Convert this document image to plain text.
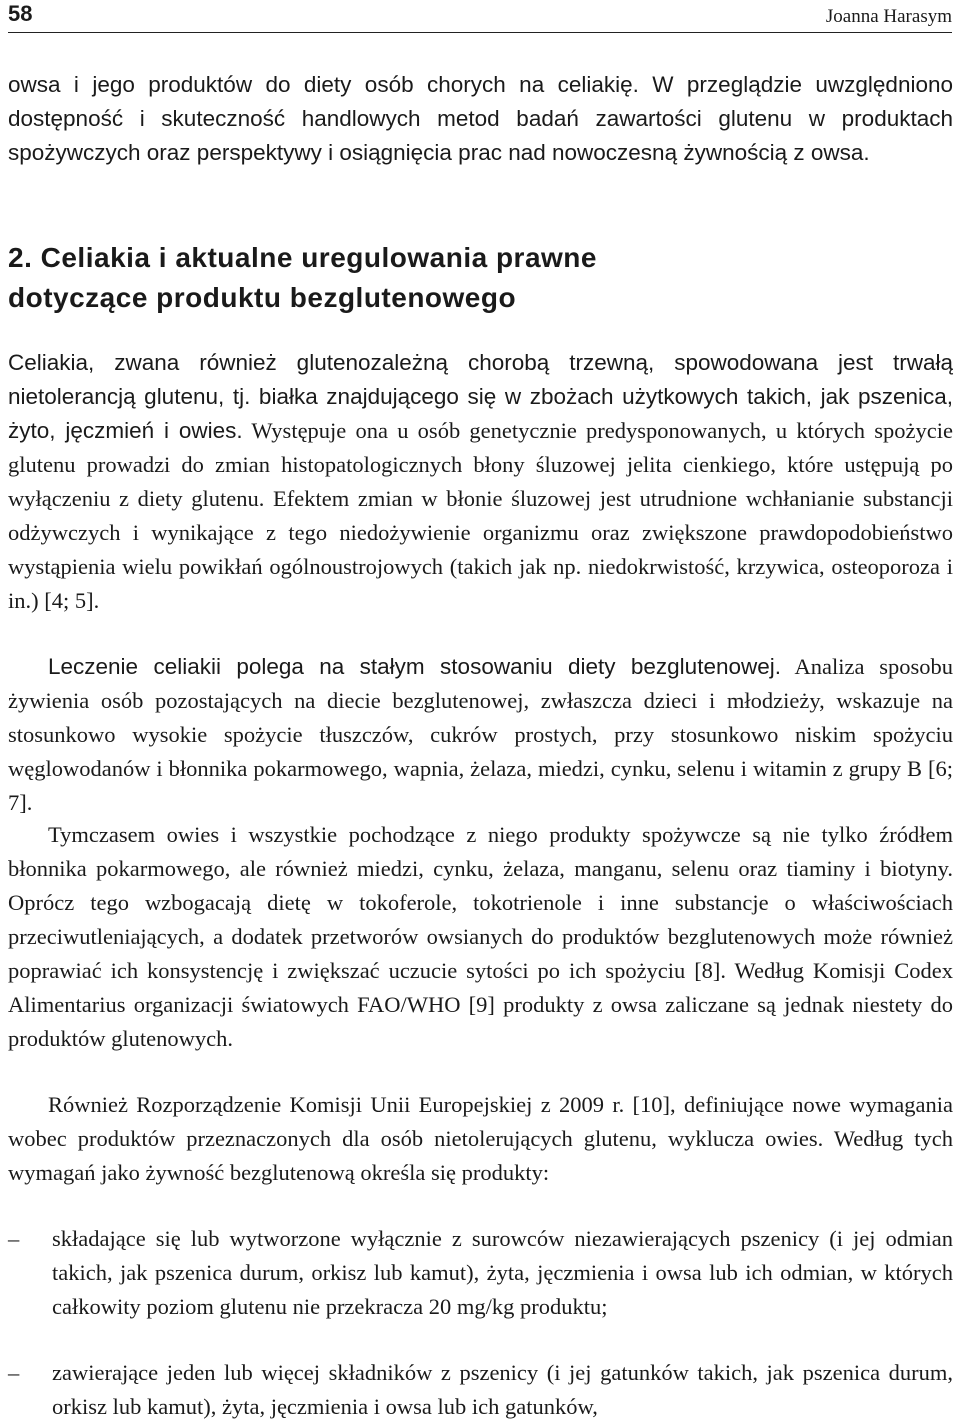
58	Joanna Harasym

owsa i jego produktów do diety osób chorych na celiakię. W przeglądzie uwzględniono dostępność i skuteczność handlowych metod badań zawartości glutenu w produktach spożywczych oraz perspektywy i osiągnięcia prac nad nowoczesną żywnością z owsa.

2. Celiakia i aktualne uregulowania prawne
dotyczące produktu bezglutenowego

Celiakia, zwana również glutenozależną chorobą trzewną, spowodowana jest trwałą nietolerancją glutenu, tj. białka znajdującego się w zbożach użytkowych takich, jak pszenica, żyto, jęczmień i owies. Występuje ona u osób genetycznie predysponowanych, u których spożycie glutenu prowadzi do zmian histopatologicznych błony śluzowej jelita cienkiego, które ustępują po wyłączeniu z diety glutenu. Efektem zmian w błonie śluzowej jest utrudnione wchłanianie substancji odżywczych i wynikające z tego niedożywienie organizmu oraz zwiększone prawdopodobieństwo wystąpienia wielu powikłań ogólnoustrojowych (takich jak np. niedokrwistość, krzywica, osteoporoza i in.) [4; 5].

Leczenie celiakii polega na stałym stosowaniu diety bezglutenowej. Analiza sposobu żywienia osób pozostających na diecie bezglutenowej, zwłaszcza dzieci i młodzieży, wskazuje na stosunkowo wysokie spożycie tłuszczów, cukrów prostych, przy stosunkowo niskim spożyciu węglowodanów i błonnika pokarmowego, wapnia, żelaza, miedzi, cynku, selenu i witamin z grupy B [6; 7].

Tymczasem owies i wszystkie pochodzące z niego produkty spożywcze są nie tylko źródłem błonnika pokarmowego, ale również miedzi, cynku, żelaza, manganu, selenu oraz tiaminy i biotyny. Oprócz tego wzbogacają dietę w tokoferole, tokotrienole i inne substancje o właściwościach przeciwutleniających, a dodatek przetworów owsianych do produktów bezglutenowych może również poprawiać ich konsystencję i zwiększać uczucie sytości po ich spożyciu [8]. Według Komisji Codex Alimentarius organizacji światowych FAO/WHO [9] produkty z owsa zaliczane są jednak niestety do produktów glutenowych.

Również Rozporządzenie Komisji Unii Europejskiej z 2009 r. [10], definiujące nowe wymagania wobec produktów przeznaczonych dla osób nietolerujących glutenu, wyklucza owies. Według tych wymagań jako żywność bezglutenową określa się produkty:

– składające się lub wytworzone wyłącznie z surowców niezawierających pszenicy (i jej odmian takich, jak pszenica durum, orkisz lub kamut), żyta, jęczmienia i owsa lub ich odmian, w których całkowity poziom glutenu nie przekracza 20 mg/kg produktu;

– zawierające jeden lub więcej składników z pszenicy (i jej gatunków takich, jak pszenica durum, orkisz lub kamut), żyta, jęczmienia i owsa lub ich gatunków,
